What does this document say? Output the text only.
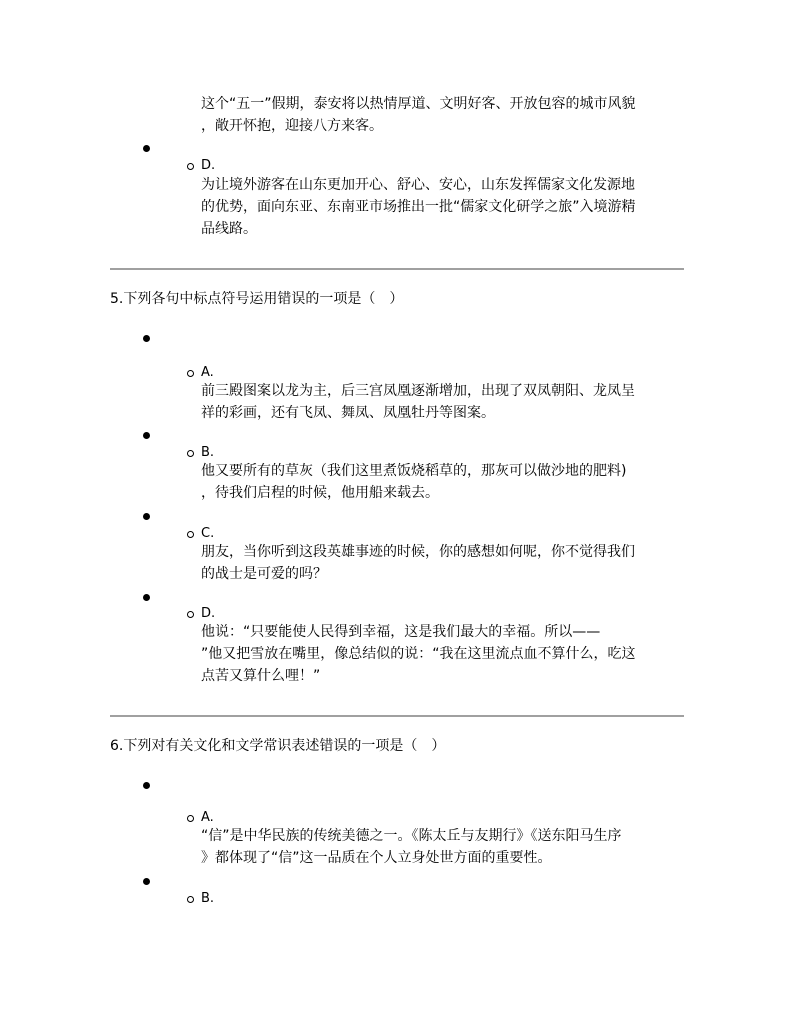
这个“五一”假期，泰安将以热情厚道、文明好客、开放包容的城市风貌
，敞开怀抱，迎接八方来客。
D.
为让境外游客在山东更加开心、舒心、安心，山东发挥儒家文化发源地
的优势，面向东亚、东南亚市场推出一批“儒家文化研学之旅”入境游精
品线路。
5.下列各句中标点符号运用错误的一项是（　）
A.
前三殿图案以龙为主，后三宫凤凰逐渐增加，出现了双凤朝阳、龙凤呈
祥的彩画，还有飞凤、舞凤、凤凰牡丹等图案。
B.
他又要所有的草灰（我们这里煮饭烧稻草的，那灰可以做沙地的肥料)
，待我们启程的时候，他用船来载去。
C.
朋友，当你听到这段英雄事迹的时候，你的感想如何呢，你不觉得我们
的战士是可爱的吗？
D.
他说：“只要能使人民得到幸福，这是我们最大的幸福。所以——
”他又把雪放在嘴里，像总结似的说：“我在这里流点血不算什么，吃这
点苦又算什么哩！”
6.下列对有关文化和文学常识表述错误的一项是（　）
A.
“信”是中华民族的传统美德之一。《陈太丘与友期行》《送东阳马生序
》都体现了“信”这一品质在个人立身处世方面的重要性。
B.
